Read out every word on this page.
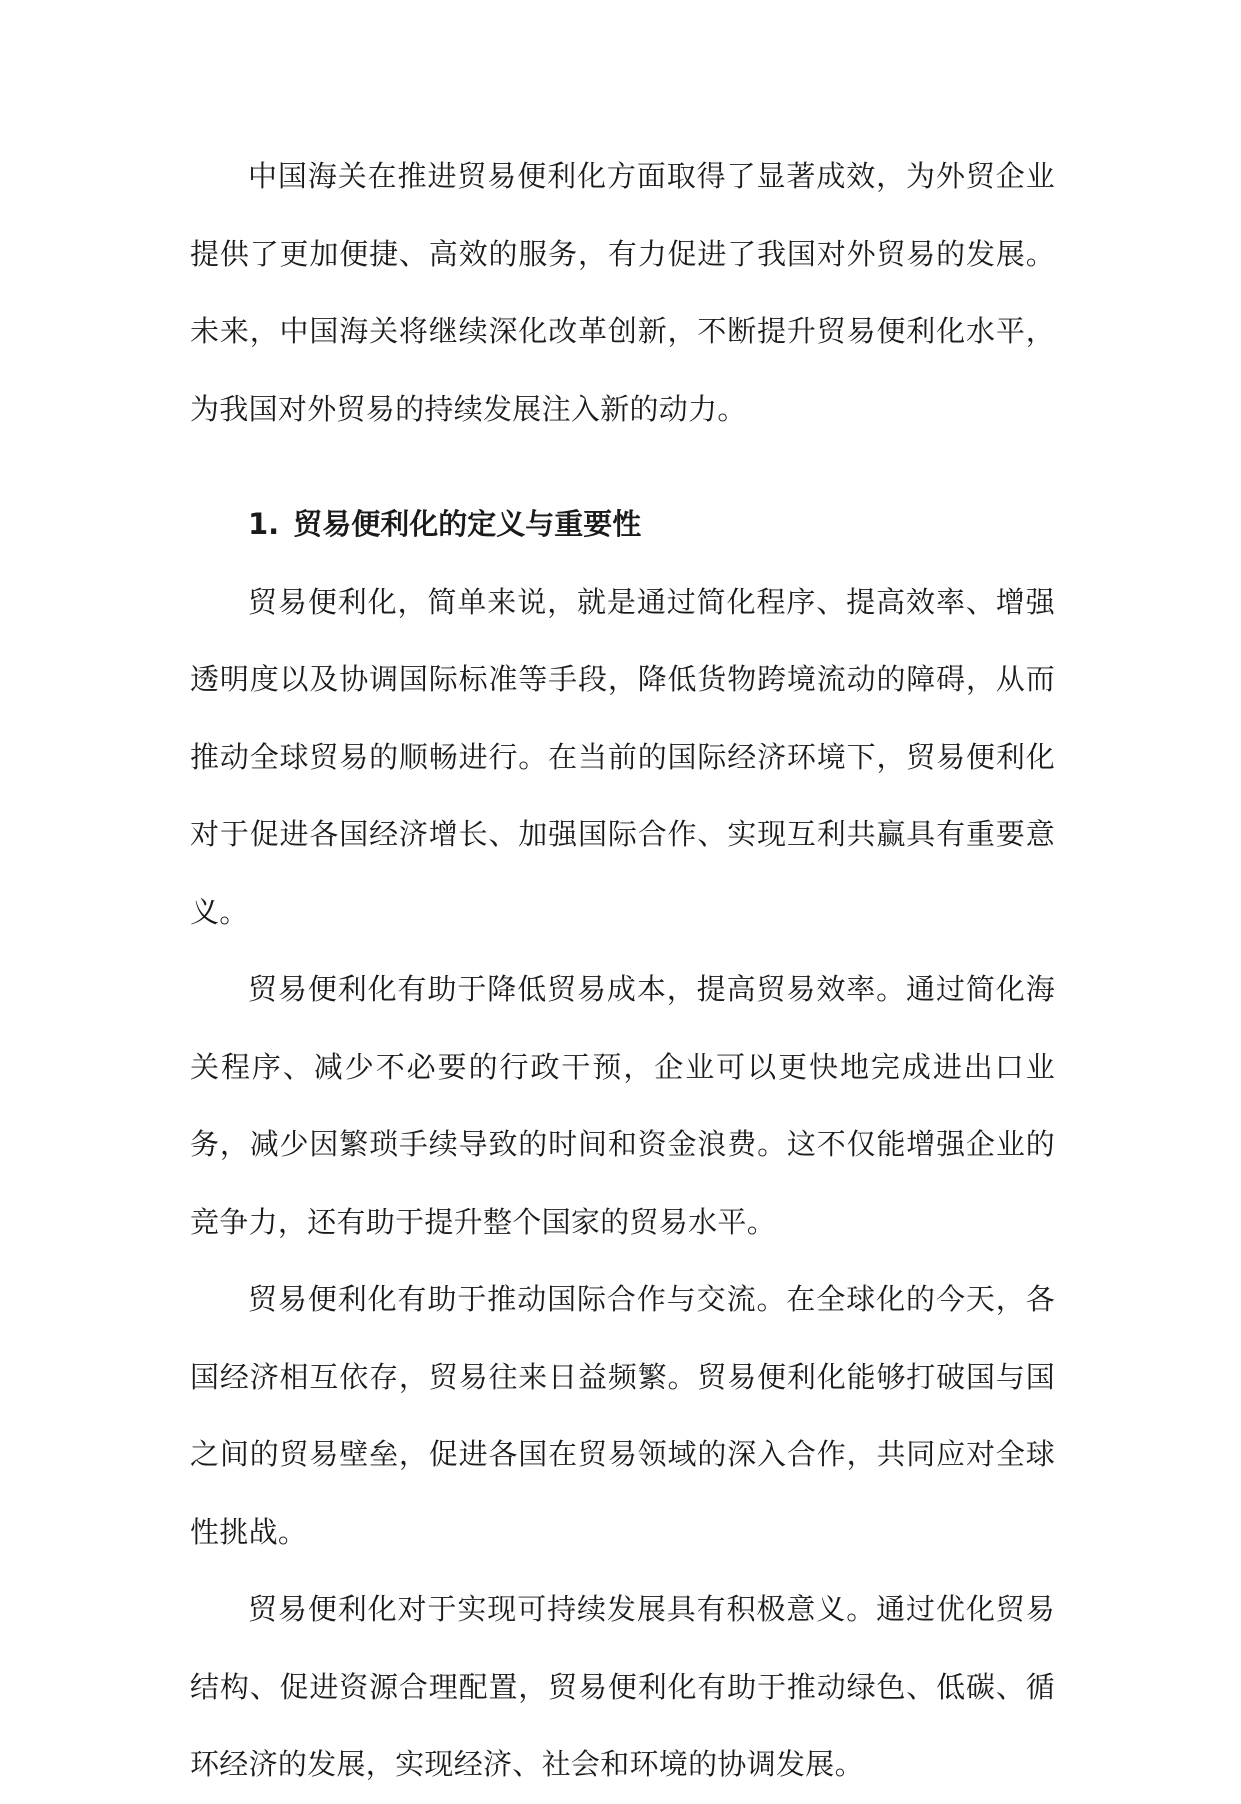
中国海关在推进贸易便利化方面取得了显著成效，为外贸企业提供了更加便捷、高效的服务，有力促进了我国对外贸易的发展。未来，中国海关将继续深化改革创新，不断提升贸易便利化水平，为我国对外贸易的持续发展注入新的动力。

1. 贸易便利化的定义与重要性

贸易便利化，简单来说，就是通过简化程序、提高效率、增强透明度以及协调国际标准等手段，降低货物跨境流动的障碍，从而推动全球贸易的顺畅进行。在当前的国际经济环境下，贸易便利化对于促进各国经济增长、加强国际合作、实现互利共赢具有重要意义。

贸易便利化有助于降低贸易成本，提高贸易效率。通过简化海关程序、减少不必要的行政干预，企业可以更快地完成进出口业务，减少因繁琐手续导致的时间和资金浪费。这不仅能增强企业的竞争力，还有助于提升整个国家的贸易水平。

贸易便利化有助于推动国际合作与交流。在全球化的今天，各国经济相互依存，贸易往来日益频繁。贸易便利化能够打破国与国之间的贸易壁垒，促进各国在贸易领域的深入合作，共同应对全球性挑战。

贸易便利化对于实现可持续发展具有积极意义。通过优化贸易结构、促进资源合理配置，贸易便利化有助于推动绿色、低碳、循环经济的发展，实现经济、社会和环境的协调发展。
